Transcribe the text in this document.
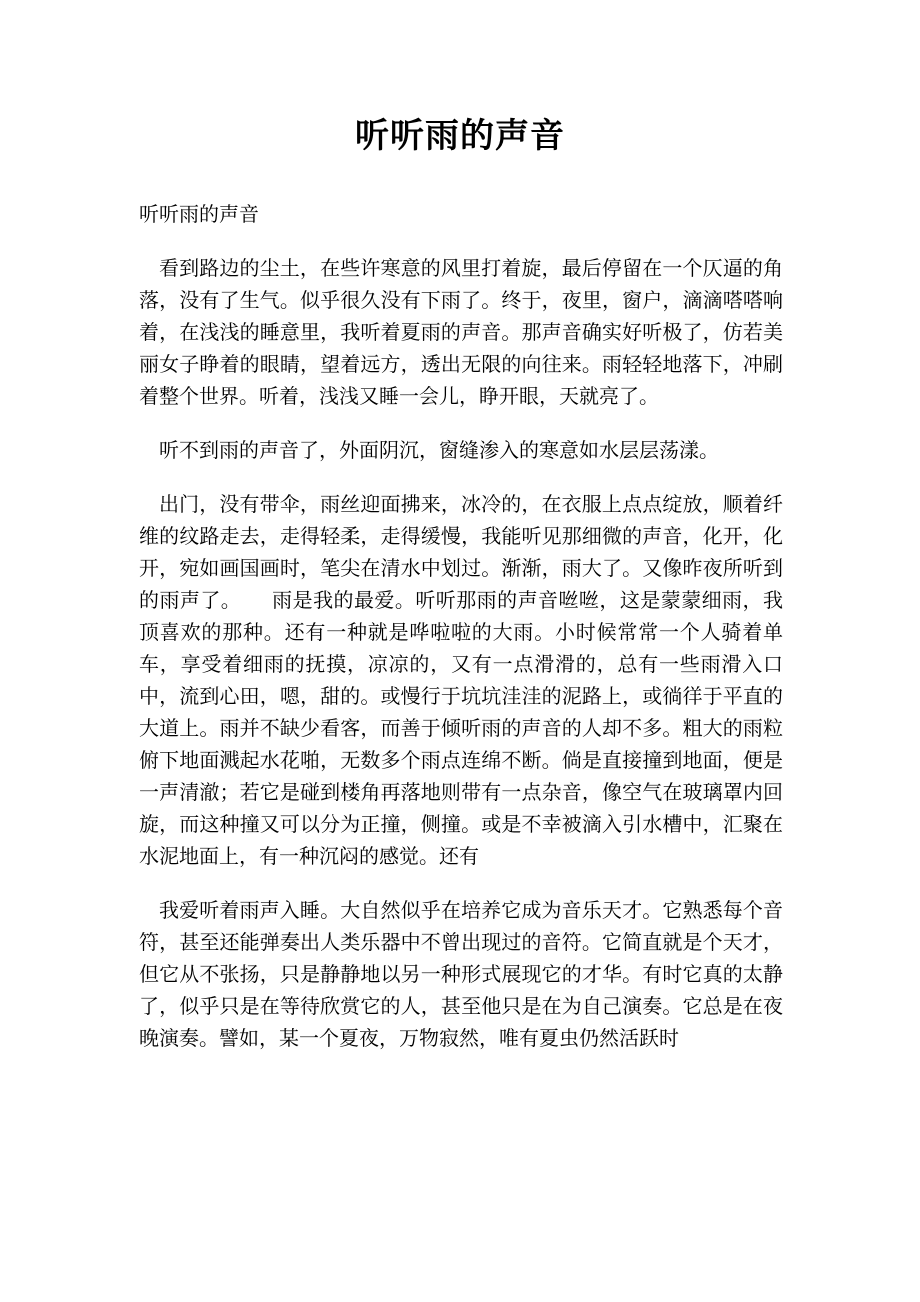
听听雨的声音

听听雨的声音

看到路边的尘土，在些许寒意的风里打着旋，最后停留在一个仄逼的角落，没有了生气。似乎很久没有下雨了。终于，夜里，窗户，滴滴嗒嗒响着，在浅浅的睡意里，我听着夏雨的声音。那声音确实好听极了，仿若美丽女子睁着的眼睛，望着远方，透出无限的向往来。雨轻轻地落下，冲刷着整个世界。听着，浅浅又睡一会儿，睁开眼，天就亮了。

听不到雨的声音了，外面阴沉，窗缝渗入的寒意如水层层荡漾。

出门，没有带伞，雨丝迎面拂来，冰冷的，在衣服上点点绽放，顺着纤维的纹路走去，走得轻柔，走得缓慢，我能听见那细微的声音，化开，化开，宛如画国画时，笔尖在清水中划过。渐渐，雨大了。又像昨夜所听到的雨声了。　　雨是我的最爱。听听那雨的声音咝咝，这是蒙蒙细雨，我顶喜欢的那种。还有一种就是哗啦啦的大雨。小时候常常一个人骑着单车，享受着细雨的抚摸，凉凉的，又有一点滑滑的，总有一些雨滑入口中，流到心田，嗯，甜的。或慢行于坑坑洼洼的泥路上，或徜徉于平直的大道上。雨并不缺少看客，而善于倾听雨的声音的人却不多。粗大的雨粒俯下地面溅起水花啪，无数多个雨点连绵不断。倘是直接撞到地面，便是一声清澈；若它是碰到楼角再落地则带有一点杂音，像空气在玻璃罩内回旋，而这种撞又可以分为正撞，侧撞。或是不幸被滴入引水槽中，汇聚在水泥地面上，有一种沉闷的感觉。还有

我爱听着雨声入睡。大自然似乎在培养它成为音乐天才。它熟悉每个音符，甚至还能弹奏出人类乐器中不曾出现过的音符。它简直就是个天才，但它从不张扬，只是静静地以另一种形式展现它的才华。有时它真的太静了，似乎只是在等待欣赏它的人，甚至他只是在为自己演奏。它总是在夜晚演奏。譬如，某一个夏夜，万物寂然，唯有夏虫仍然活跃时
